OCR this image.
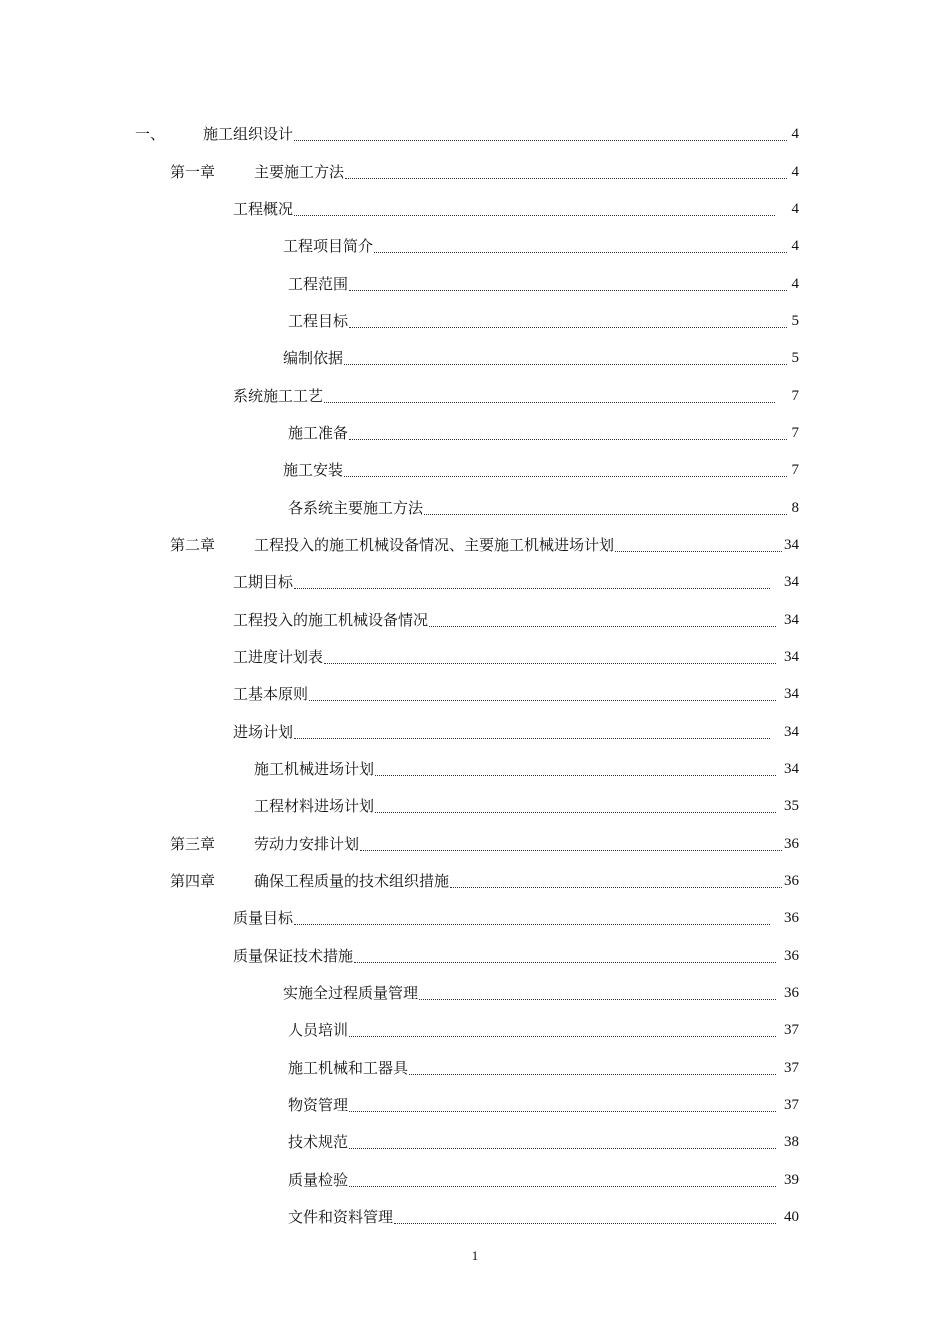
一、	施工组织设计	4
第一章	主要施工方法	4
工程概况	4
工程项目简介	4
工程范围	4
工程目标	5
编制依据	5
系统施工工艺	7
施工准备	7
施工安装	7
各系统主要施工方法	8
第二章	工程投入的施工机械设备情况、主要施工机械进场计划	34
工期目标	34
工程投入的施工机械设备情况	34
工进度计划表	34
工基本原则	34
进场计划	34
施工机械进场计划	34
工程材料进场计划	35
第三章	劳动力安排计划	36
第四章	确保工程质量的技术组织措施	36
质量目标	36
质量保证技术措施	36
实施全过程质量管理	36
人员培训	37
施工机械和工器具	37
物资管理	37
技术规范	38
质量检验	39
文件和资料管理	40
1
